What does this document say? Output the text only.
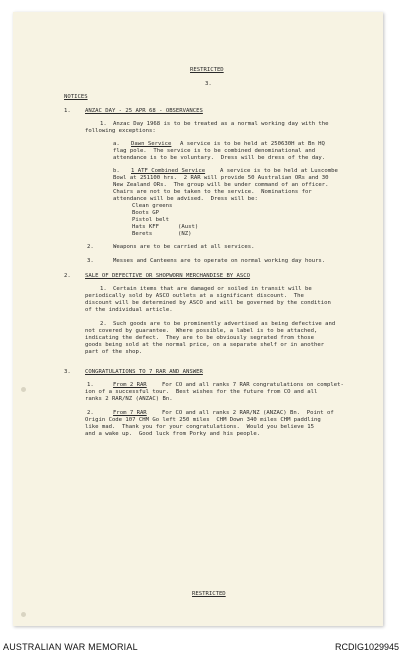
RESTRICTED
3.
NOTICES
1.	ANZAC DAY - 25 APR 68 - OBSERVANCES
1. Anzac Day 1968 is to be treated as a normal working day with the
following exceptions:
a. Dawn Service A service is to be held at 250630H at Bn HQ
flag pole.  The service is to be combined denominational and
attendance is to be voluntary.  Dress will be dress of the day.
b. 1 ATF Combined Service	A service is to be held at Luscombe
Bowl at 251100 hrs.  2 RAR will provide 50 Australian ORs and 30
New Zealand ORs.  The group will be under command of an officer.
Chairs are not to be taken to the service.  Nominations for
attendance will be advised.  Dress will be:
Clean greens
Boots GP
Pistol belt
Hats KFF	(Aust)
Berets	(NZ)
2.	Weapons are to be carried at all services.
3.	Messes and Canteens are to operate on normal working day hours.
2.	SALE OF DEFECTIVE OR SHOPWORN MERCHANDISE BY ASCO
1. Certain items that are damaged or soiled in transit will be
periodically sold by ASCO outlets at a significant discount.  The
discount will be determined by ASCO and will be governed by the condition
of the individual article.
2. Such goods are to be prominently advertised as being defective and
not covered by guarantee.  Where possible, a label is to be attached,
indicating the defect.  They are to be obviously segrated from those
goods being sold at the normal price, on a separate shelf or in another
part of the shop.
3.	CONGRATULATIONS TO 7 RAR AND ANSWER
1.	From 2 RAR	For CO and all ranks 7 RAR congratulations on complet-
ion of a successful tour.  Best wishes for the future from CO and all
ranks 2 RAR/NZ (ANZAC) Bn.
2.	From 7 RAR	For CO and all ranks 2 RAR/NZ (ANZAC) Bn.  Point of
Origin Code 107 CHM Go left 250 miles  CHM Down 340 miles CHM paddling
like mad.  Thank you for your congratulations.  Would you believe 15
and a wake up.  Good luck from Porky and his people.
RESTRICTED
AUSTRALIAN WAR MEMORIAL	RCDIG1029945
